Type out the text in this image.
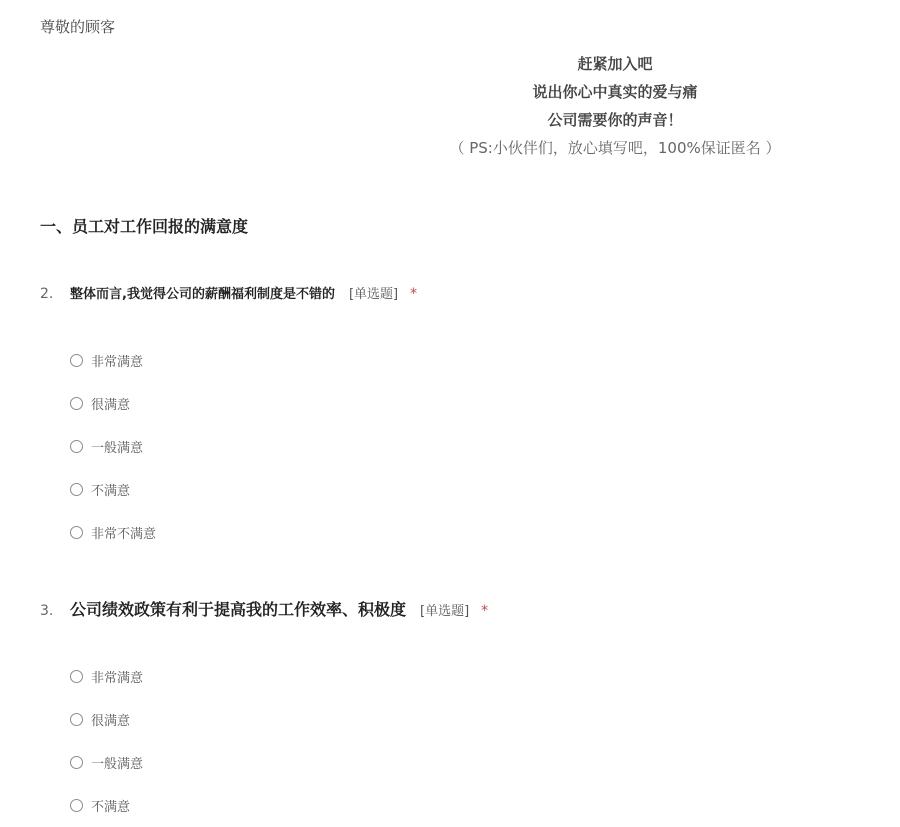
尊敬的顾客
赶紧加入吧
说出你心中真实的爱与痛
公司需要你的声音！
（ PS:小伙伴们，放心填写吧，100%保证匿名 ）
一、员工对工作回报的满意度
2.	整体而言,我觉得公司的薪酬福利制度是不错的 [单选题] *
非常满意
很满意
一般满意
不满意
非常不满意
3.	公司绩效政策有利于提高我的工作效率、积极度 [单选题] *
非常满意
很满意
一般满意
不满意
